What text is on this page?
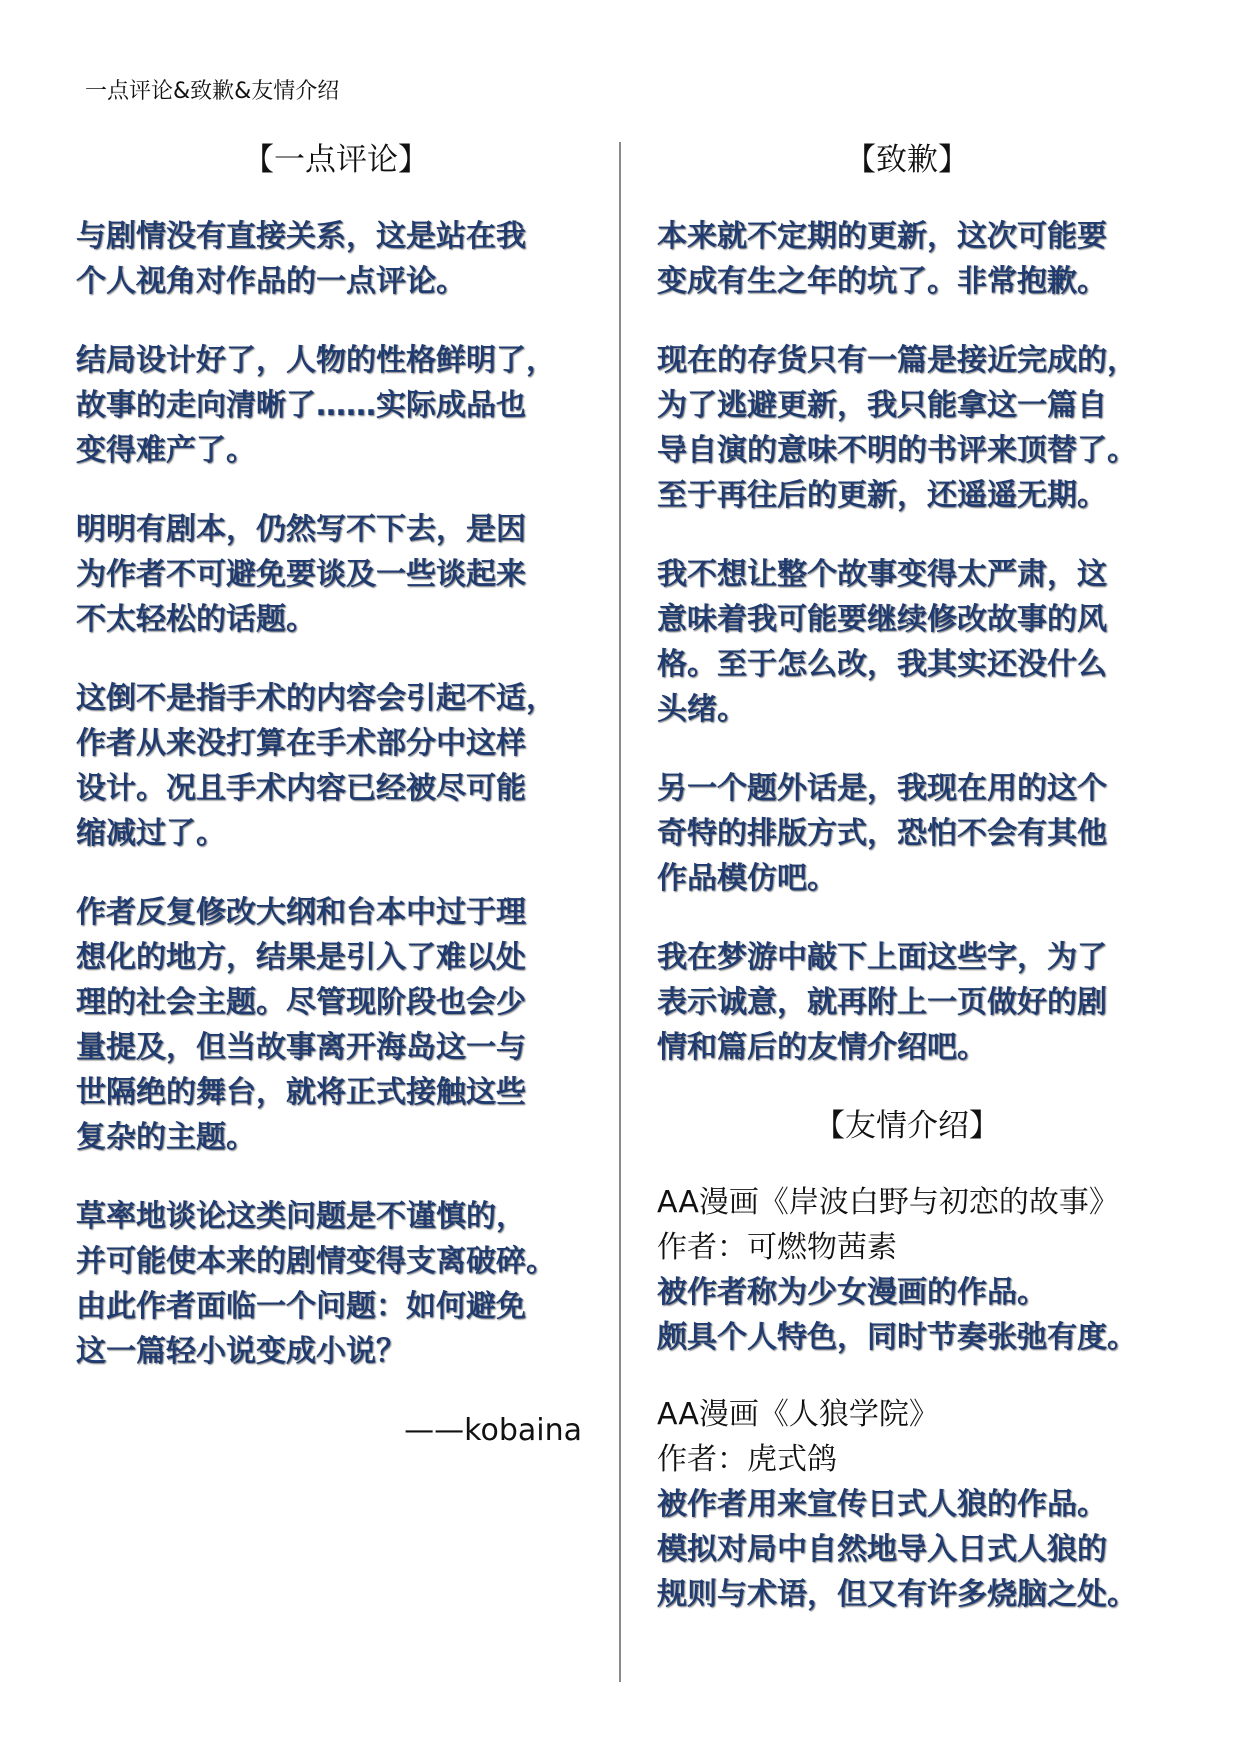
一点评论&致歉&友情介绍
【一点评论】
与剧情没有直接关系，这是站在我
个人视角对作品的一点评论。
结局设计好了，人物的性格鲜明了，
故事的走向清晰了……实际成品也
变得难产了。
明明有剧本，仍然写不下去，是因
为作者不可避免要谈及一些谈起来
不太轻松的话题。
这倒不是指手术的内容会引起不适，
作者从来没打算在手术部分中这样
设计。况且手术内容已经被尽可能
缩减过了。
作者反复修改大纲和台本中过于理
想化的地方，结果是引入了难以处
理的社会主题。尽管现阶段也会少
量提及，但当故事离开海岛这一与
世隔绝的舞台，就将正式接触这些
复杂的主题。
草率地谈论这类问题是不谨慎的，
并可能使本来的剧情变得支离破碎。
由此作者面临一个问题：如何避免
这一篇轻小说变成小说？
——kobaina
【致歉】
本来就不定期的更新，这次可能要
变成有生之年的坑了。非常抱歉。
现在的存货只有一篇是接近完成的，
为了逃避更新，我只能拿这一篇自
导自演的意味不明的书评来顶替了。
至于再往后的更新，还遥遥无期。
我不想让整个故事变得太严肃，这
意味着我可能要继续修改故事的风
格。至于怎么改，我其实还没什么
头绪。
另一个题外话是，我现在用的这个
奇特的排版方式，恐怕不会有其他
作品模仿吧。
我在梦游中敲下上面这些字，为了
表示诚意，就再附上一页做好的剧
情和篇后的友情介绍吧。
【友情介绍】
AA漫画《岸波白野与初恋的故事》
作者：可燃物茜素
被作者称为少女漫画的作品。
颇具个人特色，同时节奏张弛有度。
AA漫画《人狼学院》
作者：虎式鸽
被作者用来宣传日式人狼的作品。
模拟对局中自然地导入日式人狼的
规则与术语，但又有许多烧脑之处。
